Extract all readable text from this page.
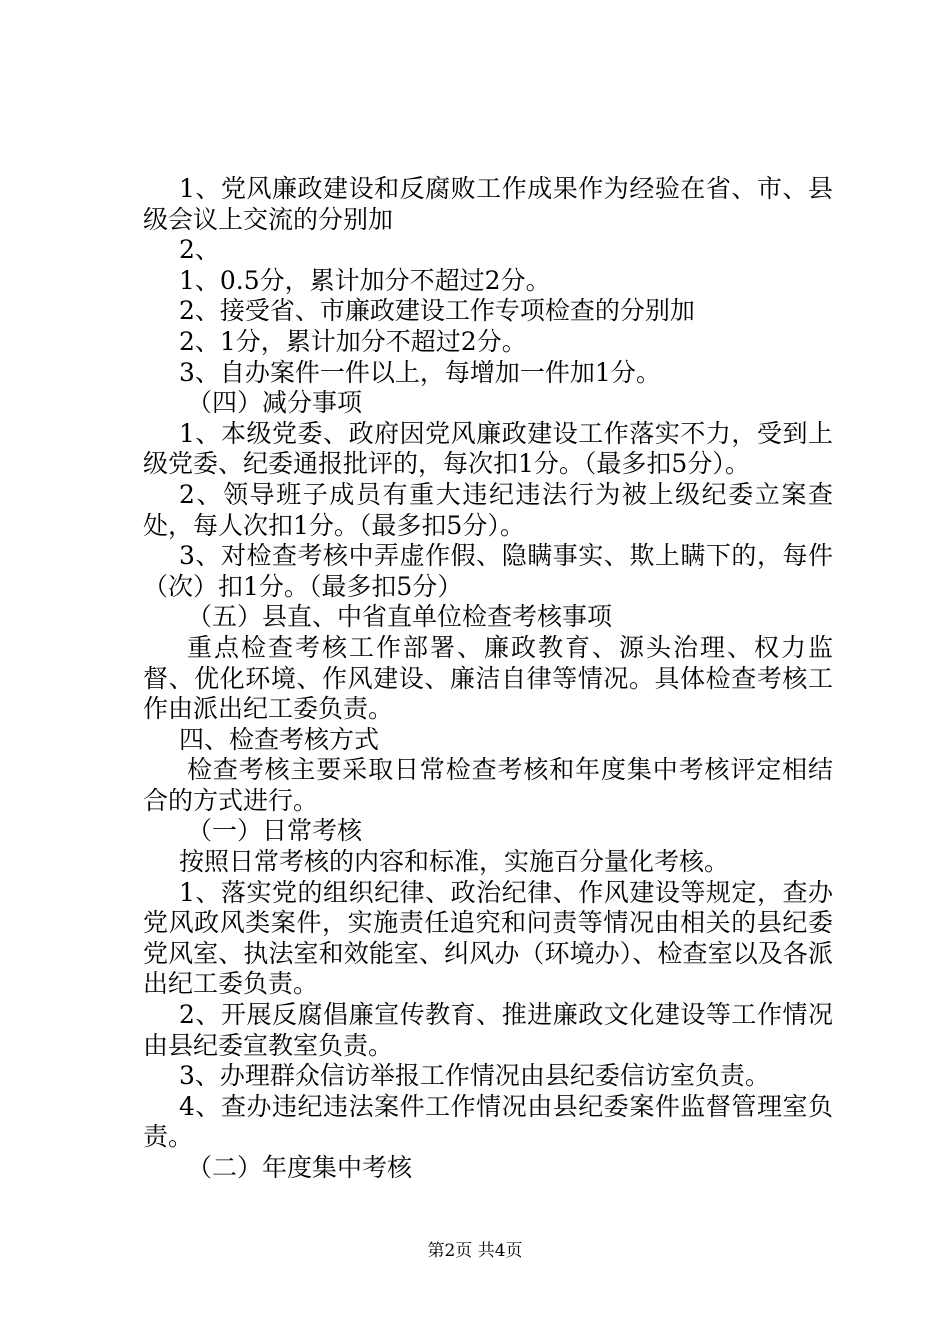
1、党风廉政建设和反腐败工作成果作为经验在省、市、县级会议上交流的分别加

2、

1、0.5分，累计加分不超过2分。

2、接受省、市廉政建设工作专项检查的分别加

2、1分，累计加分不超过2分。

3、自办案件一件以上，每增加一件加1分。

（四）减分事项

1、本级党委、政府因党风廉政建设工作落实不力，受到上级党委、纪委通报批评的，每次扣1分。（最多扣5分）。

2、领导班子成员有重大违纪违法行为被上级纪委立案查处，每人次扣1分。（最多扣5分）。

3、对检查考核中弄虚作假、隐瞒事实、欺上瞒下的，每件（次）扣1分。（最多扣5分）

（五）县直、中省直单位检查考核事项

重点检查考核工作部署、廉政教育、源头治理、权力监督、优化环境、作风建设、廉洁自律等情况。具体检查考核工作由派出纪工委负责。

四、检查考核方式

检查考核主要采取日常检查考核和年度集中考核评定相结合的方式进行。

（一）日常考核

按照日常考核的内容和标准，实施百分量化考核。

1、落实党的组织纪律、政治纪律、作风建设等规定，查办党风政风类案件，实施责任追究和问责等情况由相关的县纪委党风室、执法室和效能室、纠风办（环境办）、检查室以及各派出纪工委负责。

2、开展反腐倡廉宣传教育、推进廉政文化建设等工作情况由县纪委宣教室负责。

3、办理群众信访举报工作情况由县纪委信访室负责。

4、查办违纪违法案件工作情况由县纪委案件监督管理室负责。

（二）年度集中考核

第2页 共4页
